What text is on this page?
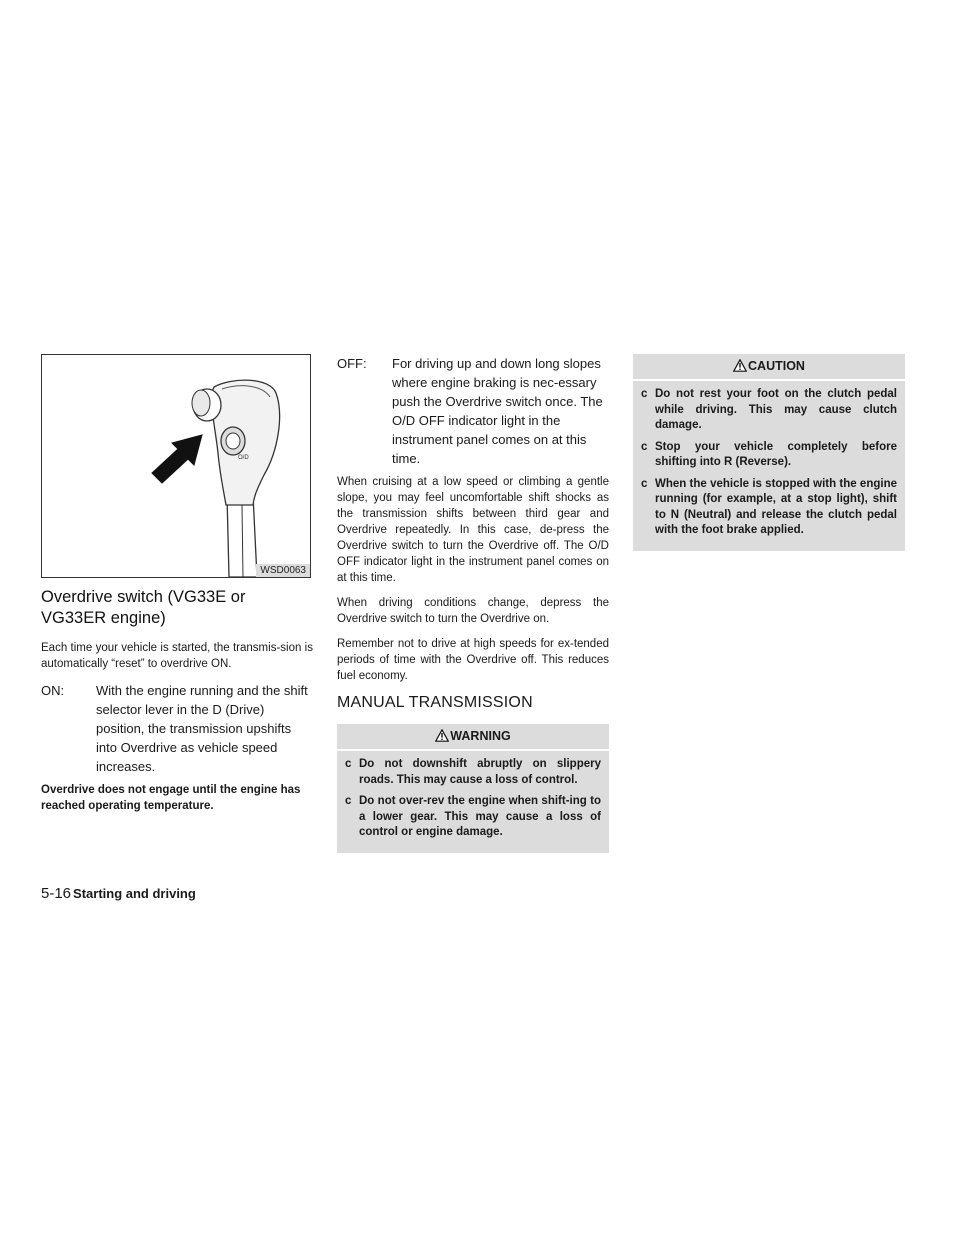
O/D
WSD0063
Overdrive switch (VG33E or VG33ER engine)

Each time your vehicle is started, the transmis-sion is automatically “reset” to overdrive ON.

ON:	With the engine running and the shift selector lever in the D (Drive) position, the transmission upshifts into Overdrive as vehicle speed increases.

Overdrive does not engage until the engine has reached operating temperature.

OFF:	For driving up and down long slopes where engine braking is nec-essary push the Overdrive switch once. The O/D OFF indicator light in the instrument panel comes on at this time.

When cruising at a low speed or climbing a gentle slope, you may feel uncomfortable shift shocks as the transmission shifts between third gear and Overdrive repeatedly. In this case, de-press the Overdrive switch to turn the Overdrive off. The O/D OFF indicator light in the instrument panel comes on at this time.

When driving conditions change, depress the Overdrive switch to turn the Overdrive on.

Remember not to drive at high speeds for ex-tended periods of time with the Overdrive off. This reduces fuel economy.

MANUAL TRANSMISSION
WARNING
c Do not downshift abruptly on slippery roads. This may cause a loss of control.
c Do not over-rev the engine when shift-ing to a lower gear. This may cause a loss of control or engine damage.
CAUTION
c Do not rest your foot on the clutch pedal while driving. This may cause clutch damage.
c Stop your vehicle completely before shifting into R (Reverse).
c When the vehicle is stopped with the engine running (for example, at a stop light), shift to N (Neutral) and release the clutch pedal with the foot brake applied.
5-16 Starting and driving
